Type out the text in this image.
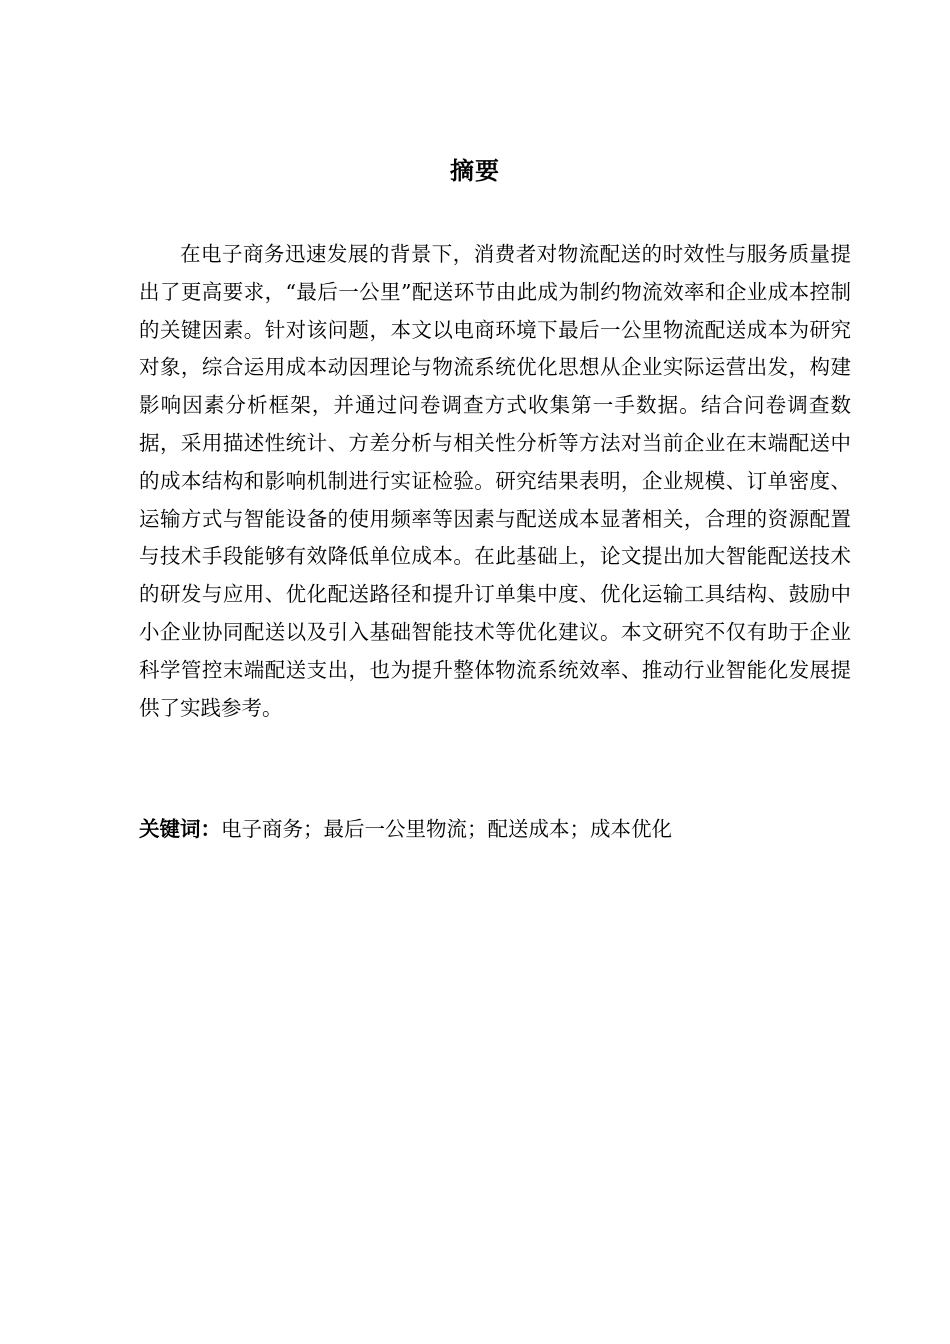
摘要

在电子商务迅速发展的背景下，消费者对物流配送的时效性与服务质量提出了更高要求，“最后一公里”配送环节由此成为制约物流效率和企业成本控制的关键因素。针对该问题，本文以电商环境下最后一公里物流配送成本为研究对象，综合运用成本动因理论与物流系统优化思想从企业实际运营出发，构建影响因素分析框架，并通过问卷调查方式收集第一手数据。结合问卷调查数据，采用描述性统计、方差分析与相关性分析等方法对当前企业在末端配送中的成本结构和影响机制进行实证检验。研究结果表明，企业规模、订单密度、运输方式与智能设备的使用频率等因素与配送成本显著相关，合理的资源配置与技术手段能够有效降低单位成本。在此基础上，论文提出加大智能配送技术的研发与应用、优化配送路径和提升订单集中度、优化运输工具结构、鼓励中小企业协同配送以及引入基础智能技术等优化建议。本文研究不仅有助于企业科学管控末端配送支出，也为提升整体物流系统效率、推动行业智能化发展提供了实践参考。

关键词：电子商务；最后一公里物流；配送成本；成本优化
